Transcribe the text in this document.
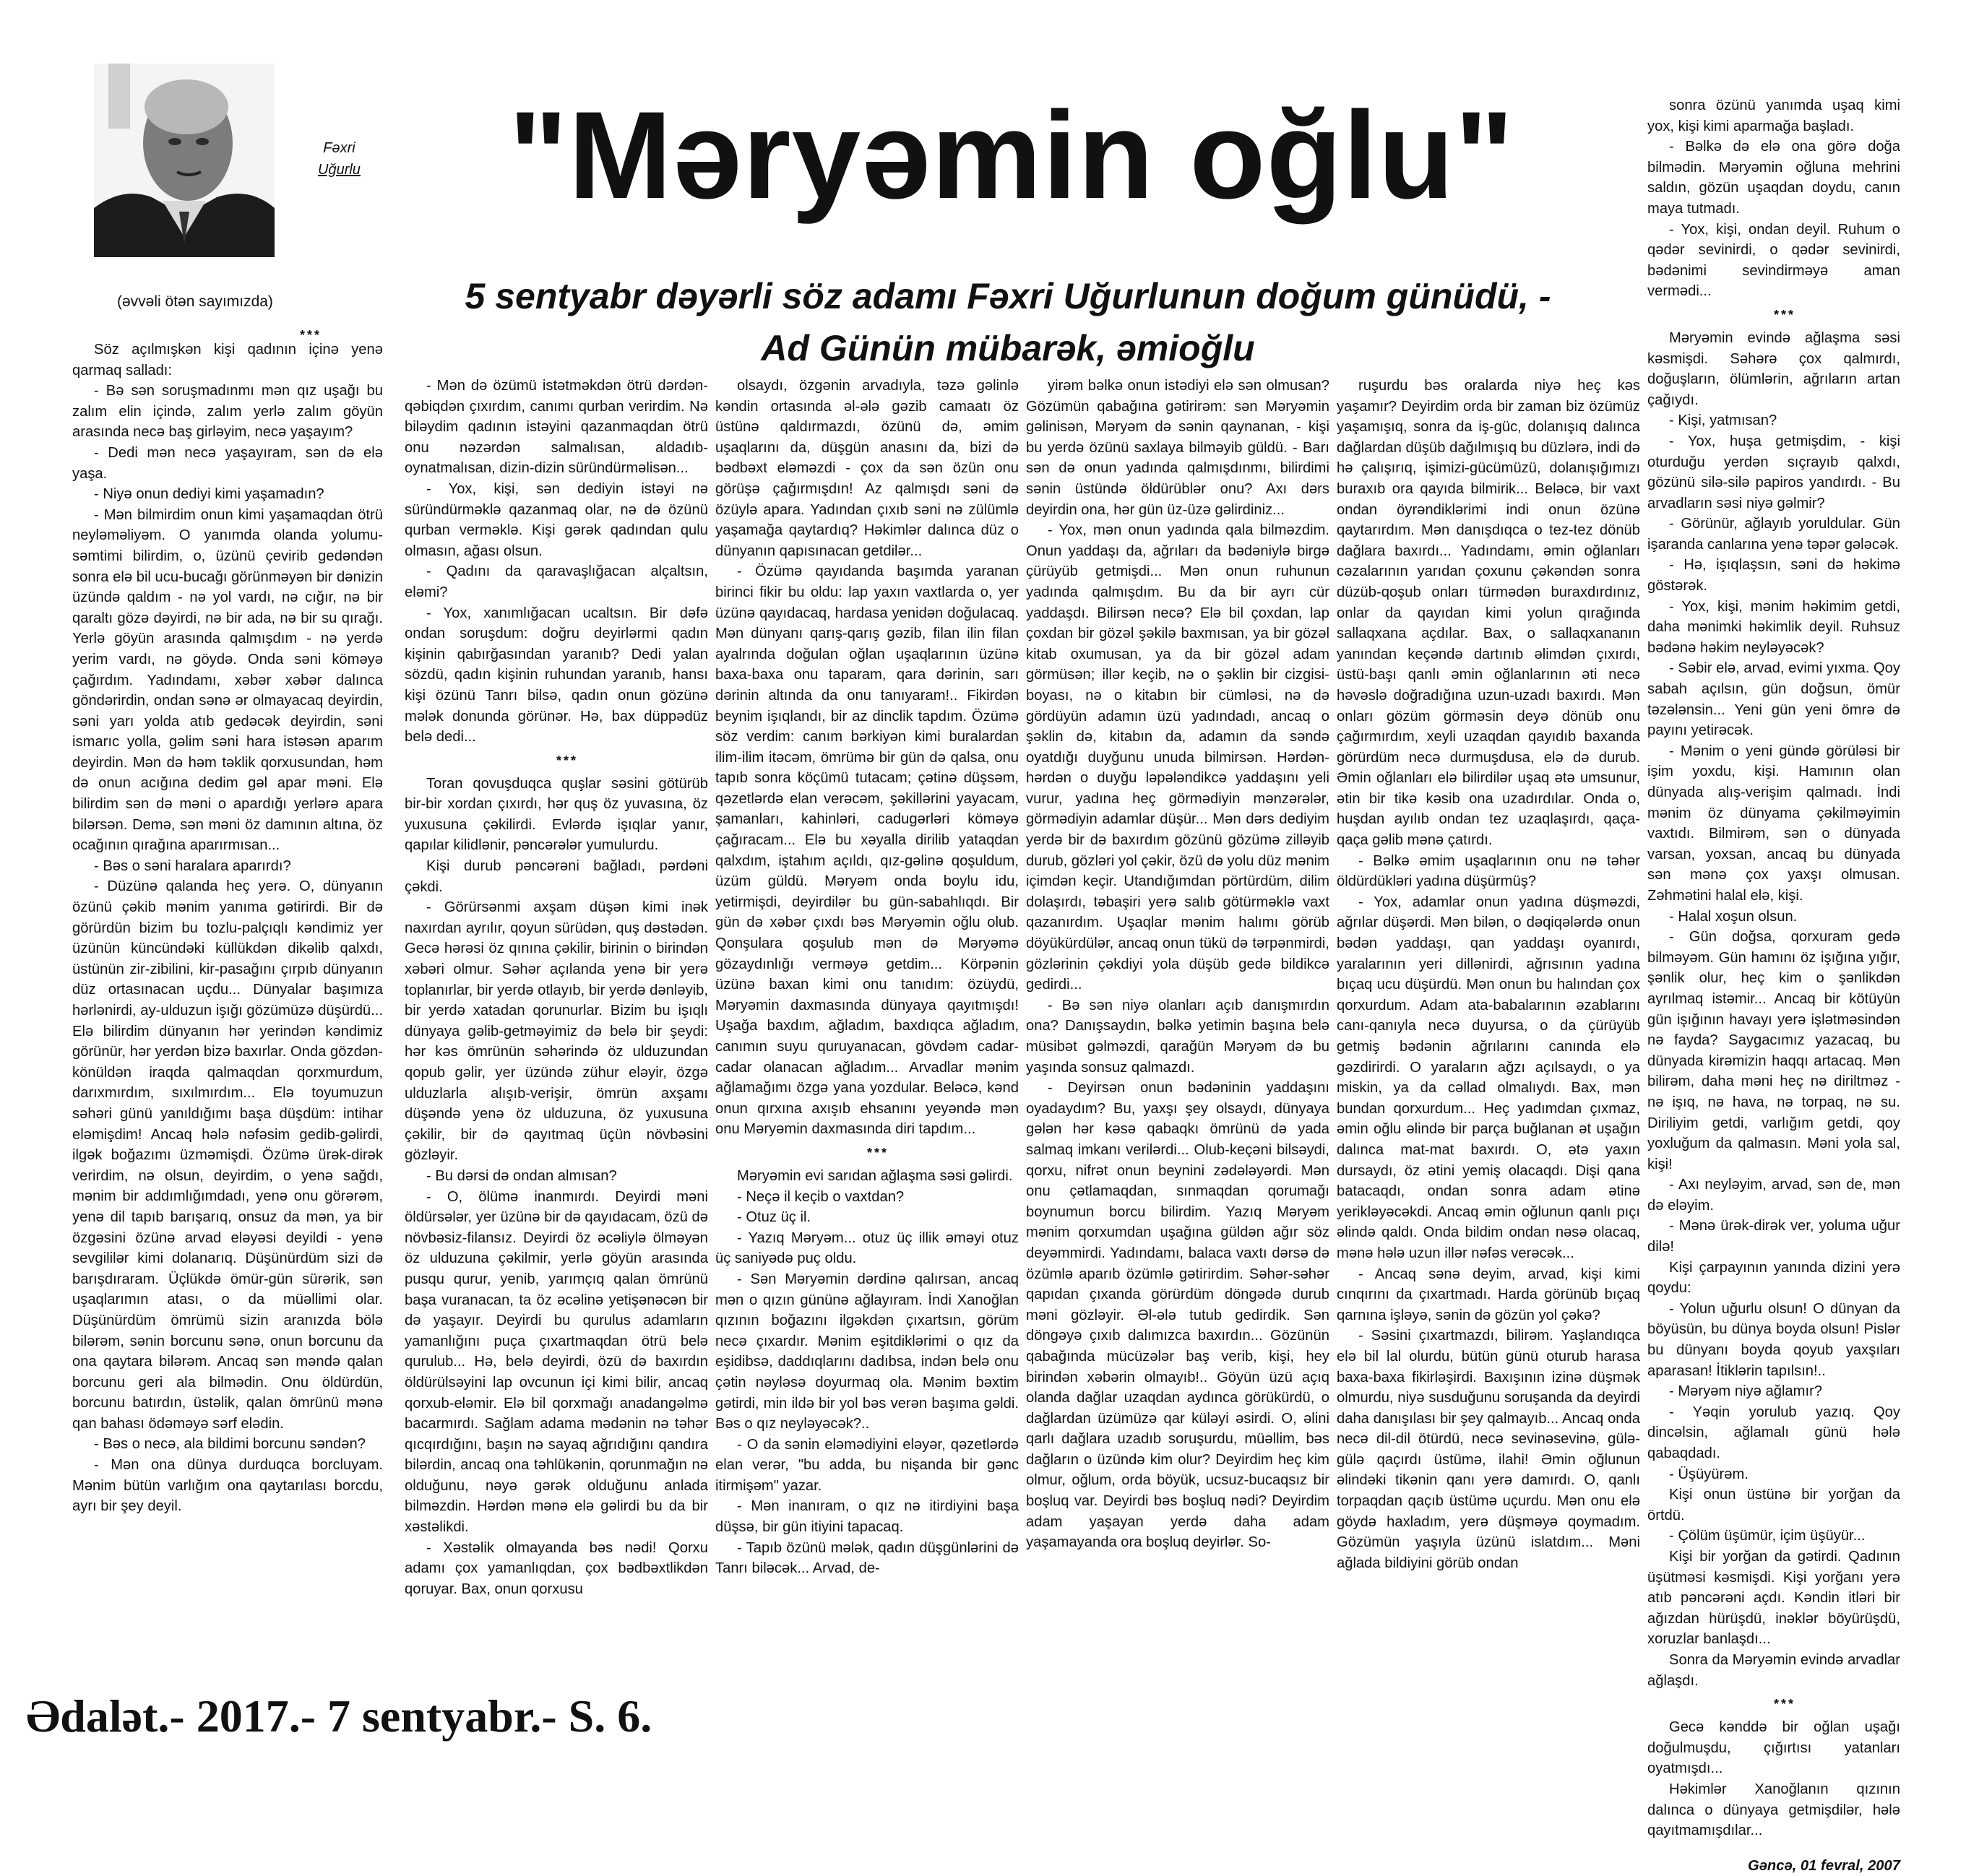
Fəxri
Uğurlu	"Məryəmin oğlu"
5 sentyabr dəyərli söz adamı Fəxri Uğurlunun doğum günüdü, -
Ad Günün mübarək, əmioğlu
(əvvəli ötən sayımızda)
***

Söz açılmışkən kişi qadının içinə yenə qarmaq salladı:

- Bə sən soruşmadınmı mən qız uşağı bu zalım elin içində, zalım yerlə zalım göyün arasında necə baş girləyim, necə yaşayım?

- Dedi mən necə yaşayıram, sən də elə yaşa.

- Niyə onun dediyi kimi yaşamadın?

- Mən bilmirdim onun kimi yaşamaqdan ötrü neyləməliyəm. O yanımda olanda yolumu-səmtimi bilirdim, o, üzünü çevirib gedəndən sonra elə bil ucu-bucağı görünməyən bir dənizin üzündə qaldım - nə yol vardı, nə cığır, nə bir qaraltı gözə dəyirdi, nə bir ada, nə bir su qırağı. Yerlə göyün arasında qalmışdım - nə yerdə yerim vardı, nə göydə. Onda səni köməyə çağırdım. Yadındamı, xəbər xəbər dalınca göndərirdin, ondan sənə ər olmayacaq deyirdin, səni yarı yolda atıb gedəcək deyirdin, səni ismarıc yolla, gəlim səni hara istəsən aparım deyirdin. Mən də həm təklik qorxusundan, həm də onun acığına dedim gəl apar məni. Elə bilirdim sən də məni o apardığı yerlərə apara bilərsən. Demə, sən məni öz damının altına, öz ocağının qırağına aparırmısan...

- Bəs o səni haralara aparırdı?

- Düzünə qalanda heç yerə. O, dünyanın özünü çəkib mənim yanıma gətirirdi. Bir də görürdün bizim bu tozlu-palçıqlı kəndimiz yer üzünün küncündəki küllükdən dikəlib qalxdı, üstünün zir-zibilini, kir-pasağını çırpıb dünyanın düz ortasınacan uçdu... Dünyalar başımıza hərlənirdi, ay-ulduzun işığı gözümüzə düşürdü... Elə bilirdim dünyanın hər yerindən kəndimiz görünür, hər yerdən bizə baxırlar. Onda gözdən-könüldən iraqda qalmaqdan qorxmurdum, darıxmırdım, sıxılmırdım... Elə toyumuzun səhəri günü yanıldığımı başa düşdüm: intihar eləmişdim! Ancaq hələ nəfəsim gedib-gəlirdi, ilgək boğazımı üzməmişdi. Özümə ürək-dirək verirdim, nə olsun, deyirdim, o yenə sağdı, mənim bir addımlığımdadı, yenə onu görərəm, yenə dil tapıb barışarıq, onsuz da mən, ya bir özgəsini özünə arvad eləyəsi deyildi - yenə sevgililər kimi dolanarıq. Düşünürdüm sizi də barışdıraram. Üçlükdə ömür-gün sürərik, sən uşaqlarımın atası, o da müəllimi olar. Düşünürdüm ömrümü sizin aranızda bölə bilərəm, sənin borcunu sənə, onun borcunu da ona qaytara bilərəm. Ancaq sən məndə qalan borcunu geri ala bilmədin. Onu öldürdün, borcunu batırdın, üstəlik, qalan ömrünü mənə qan bahası ödəməyə sərf elədin.

- Bəs o necə, ala bildimi borcunu səndən?

- Mən ona dünya durduqca borcluyam. Mənim bütün varlığım ona qaytarılası borcdu, ayrı bir şey deyil.

- Mən də özümü istətməkdən ötrü dərdən-qəbiqdən çıxırdım, canımı qurban verirdim. Nə biləydim qadının istəyini qazanmaqdan ötrü onu nəzərdən salmalısan, aldadıb-oynatmalısan, dizin-dizin süründürməlisən...

- Yox, kişi, sən dediyin istəyi nə süründürməklə qazanmaq olar, nə də özünü qurban verməklə. Kişi gərək qadından qulu olmasın, ağası olsun.

- Qadını da qaravaşlığacan alçaltsın, eləmi?

- Yox, xanımlığacan ucaltsın. Bir dəfə ondan soruşdum: doğru deyirlərmi qadın kişinin qabırğasından yaranıb? Dedi yalan sözdü, qadın kişinin ruhundan yaranıb, hansı kişi özünü Tanrı bilsə, qadın onun gözünə mələk donunda görünər. Hə, bax düppədüz belə dedi...

***

Toran qovuşduqca quşlar səsini götürüb bir-bir xordan çıxırdı, hər quş öz yuvasına, öz yuxusuna çəkilirdi. Evlərdə işıqlar yanır, qapılar kilidlənir, pəncərələr yumulurdu.

Kişi durub pəncərəni bağladı, pərdəni çəkdi.

- Görürsənmi axşam düşən kimi inək naxırdan ayrılır, qoyun sürüdən, quş dəstədən. Gecə hərəsi öz qınına çəkilir, birinin o birindən xəbəri olmur. Səhər açılanda yenə bir yerə toplanırlar, bir yerdə otlayıb, bir yerdə dənləyib, bir yerdə xatadan qorunurlar. Bizim bu işıqlı dünyaya gəlib-getməyimiz də belə bir şeydi: hər kəs ömrünün səhərində öz ulduzundan qopub gəlir, yer üzündə zühur eləyir, özgə ulduzlarla alışıb-verişir, ömrün axşamı düşəndə yenə öz ulduzuna, öz yuxusuna çəkilir, bir də qayıtmaq üçün növbəsini gözləyir.

- Bu dərsi də ondan almısan?

- O, ölümə inanmırdı. Deyirdi məni öldürsələr, yer üzünə bir də qayıdacam, özü də növbəsiz-filansız. Deyirdi öz əcəliylə ölməyən öz ulduzuna çəkilmir, yerlə göyün arasında pusqu qurur, yenib, yarımçıq qalan ömrünü başa vuranacan, ta öz əcəlinə yetişənəcən bir də yaşayır. Deyirdi bu qurulus adamların yamanlığını puça çıxartmaqdan ötrü belə qurulub... Hə, belə deyirdi, özü də baxırdın öldürülsəyini lap ovcunun içi kimi bilir, ancaq qorxub-eləmir. Elə bil qorxmağı anadangəlmə bacarmırdı. Sağlam adama mədənin nə təhər qıcqırdığını, başın nə sayaq ağrıdığını qandıra bilərdin, ancaq ona təhlükənin, qorunmağın nə olduğunu, nəyə gərək olduğunu anlada bilməzdin. Hərdən mənə elə gəlirdi bu da bir xəstəlikdi.

- Xəstəlik olmayanda bəs nədi! Qorxu adamı çox yamanlıqdan, çox bədbəxtlikdən qoruyar. Bax, onun qorxusu

olsaydı, özgənin arvadıyla, təzə gəlinlə kəndin ortasında əl-ələ gəzib camaatı öz üstünə qaldırmazdı, özünü də, əmim uşaqlarını da, düşgün anasını da, bizi də bədbəxt eləməzdi - çox da sən özün onu görüşə çağırmışdın! Az qalmışdı səni də özüylə apara. Yadından çıxıb səni nə zülümlə yaşamağa qaytardıq? Həkimlər dalınca düz o dünyanın qapısınacan getdilər...

- Özümə qayıdanda başımda yaranan birinci fikir bu oldu: lap yaxın vaxtlarda o, yer üzünə qayıdacaq, hardasa yenidən doğulacaq. Mən dünyanı qarış-qarış gəzib, filan ilin filan ayalrında doğulan oğlan uşaqlarının üzünə baxa-baxa onu taparam, qara dərinin, sarı dərinin altında da onu tanıyaram!.. Fikirdən beynim işıqlandı, bir az dinclik tapdım. Özümə söz verdim: canım bərkiyən kimi buralardan ilim-ilim itəcəm, ömrümə bir gün də qalsa, onu tapıb sonra köçümü tutacam; çətinə düşsəm, qəzetlərdə elan verəcəm, şəkillərini yayacam, şamanları, kahinləri, cadugərləri köməyə çağıracam... Elə bu xəyalla dirilib yataqdan qalxdım, iştahım açıldı, qız-gəlinə qoşuldum, üzüm güldü. Məryəm onda boylu idu, yetirmişdi, deyirdilər bu gün-sabahlıqdı. Bir gün də xəbər çıxdı bəs Məryəmin oğlu olub. Qonşulara qoşulub mən də Məryəmə gözaydınlığı verməyə getdim... Körpənin üzünə baxan kimi onu tanıdım: özüydü, Məryəmin daxmasında dünyaya qayıtmışdı! Uşağa baxdım, ağladım, baxdıqca ağladım, canımın suyu quruyanacan, gövdəm cadar-cadar olanacan ağladım... Arvadlar mənim ağlamağımı özgə yana yozdular. Beləcə, kənd onun qırxına axışıb ehsanını yeyəndə mən onu Məryəmin daxmasında diri tapdım...

***

Məryəmin evi sarıdan ağlaşma səsi gəlirdi.

- Neçə il keçib o vaxtdan?

- Otuz üç il.

- Yazıq Məryəm... otuz üç illik əməyi otuz üç saniyədə puç oldu.

- Sən Məryəmin dərdinə qalırsan, ancaq mən o qızın gününə ağlayıram. İndi Xanoğlan qızının boğazını ilgəkdən çıxartsın, görüm necə çıxardır. Mənim eşitdiklərimi o qız da eşidibsə, daddıqlarını dadıbsa, indən belə onu çətin nəyləsə doyurmaq ola. Mənim bəxtim gətirdi, min ildə bir yol bəs verən başıma gəldi. Bəs o qız neyləyəcək?..

- O da sənin eləmədiyini eləyər, qəzetlərdə elan verər, "bu adda, bu nişanda bir gənc itirmişəm" yazar.

- Mən inanıram, o qız nə itirdiyini başa düşsə, bir gün itiyini tapacaq.

- Tapıb özünü mələk, qadın düşgünlərini də Tanrı biləcək... Arvad, de-

yirəm bəlkə onun istədiyi elə sən olmusan? Gözümün qabağına gətirirəm: sən Məryəmin gəlinisən, Məryəm də sənin qaynanan, - kişi bu yerdə özünü saxlaya bilməyib güldü. - Barı sən də onun yadında qalmışdınmı, bilirdimi sənin üstündə öldürüblər onu? Axı dərs deyirdin ona, hər gün üz-üzə gəlirdiniz...

- Yox, mən onun yadında qala bilməzdim. Onun yaddaşı da, ağrıları da bədəniylə birgə çürüyüb getmişdi... Mən onun ruhunun yadında qalmışdım. Bu da bir ayrı cür yaddaşdı. Bilirsən necə? Elə bil çoxdan, lap çoxdan bir gözəl şəkilə baxmısan, ya bir gözəl kitab oxumusan, ya da bir gözəl adam görmüsən; illər keçib, nə o şəklin bir cizgisi-boyası, nə o kitabın bir cümləsi, nə də gördüyün adamın üzü yadındadı, ancaq o şəklin də, kitabın da, adamın da səndə oyatdığı duyğunu unuda bilmirsən. Hərdən-hərdən o duyğu ləpələndikcə yaddaşını yeli vurur, yadına heç görmədiyin mənzərələr, görmədiyin adamlar düşür... Mən dərs dediyim yerdə bir də baxırdım gözünü gözümə zilləyib durub, gözləri yol çəkir, özü də yolu düz mənim içimdən keçir. Utandığımdan pörtürdüm, dilim dolaşırdı, təbaşiri yerə salıb götürməklə vaxt qazanırdım. Uşaqlar mənim halımı görüb döyükürdülər, ancaq onun tükü də tərpənmirdi, gözlərinin çəkdiyi yola düşüb gedə bildikcə gedirdi...

- Bə sən niyə olanları açıb danışmırdın ona? Danışsaydın, bəlkə yetimin başına belə müsibət gəlməzdi, qarağün Məryəm də bu yaşında sonsuz qalmazdı.

- Deyirsən onun bədəninin yaddaşını oyadaydım? Bu, yaxşı şey olsaydı, dünyaya gələn hər kəsə qabaqkı ömrünü də yada salmaq imkanı verilərdi... Olub-keçəni bilsəydi, qorxu, nifrət onun beynini zədələyərdi. Mən onu çətlamaqdan, sınmaqdan qorumağı boynumun borcu bilirdim. Yazıq Məryəm mənim qorxumdan uşağına güldən ağır söz deyəmmirdi. Yadındamı, balaca vaxtı dərsə də özümlə aparıb özümlə gətirirdim. Səhər-səhər qapıdan çıxanda görürdüm döngədə durub məni gözləyir. Əl-ələ tutub gedirdik. Sən döngəyə çıxıb dalımızca baxırdın... Gözünün qabağında mücüzələr baş verib, kişi, hey birindən xəbərin olmayıb!.. Göyün üzü açıq olanda dağlar uzaqdan aydınca görükürdü, o dağlardan üzümüzə qar küləyi əsirdi. O, əlini qarlı dağlara uzadıb soruşurdu, müəllim, bəs dağların o üzündə kim olur? Deyirdim heç kim olmur, oğlum, orda böyük, ucsuz-bucaqsız bir boşluq var. Deyirdi bəs boşluq nədi? Deyirdim adam yaşayan yerdə daha adam yaşamayanda ora boşluq deyirlər. So-

ruşurdu bəs oralarda niyə heç kəs yaşamır? Deyirdim orda bir zaman biz özümüz yaşamışıq, sonra da iş-güc, dolanışıq dalınca dağlardan düşüb dağılmışıq bu düzlərə, indi də hə çalışırıq, işimizi-gücümüzü, dolanışığımızı buraxıb ora qayıda bilmirik... Beləcə, bir vaxt ondan öyrəndiklərimi indi onun özünə qaytarırdım. Mən danışdıqca o tez-tez dönüb dağlara baxırdı... Yadındamı, əmin oğlanları cəzalarının yarıdan çoxunu çəkəndən sonra düzüb-qoşub onları türmədən buraxdırdınız, onlar da qayıdan kimi yolun qırağında sallaqxana açdılar. Bax, o sallaqxananın yanından keçəndə dartınıb əlimdən çıxırdı, üstü-başı qanlı əmin oğlanlarının əti necə həvəslə doğradığına uzun-uzadı baxırdı. Mən onları gözüm görməsin deyə dönüb onu çağırmırdım, xeyli uzaqdan qayıdıb baxanda görürdüm necə durmuşdusa, elə də durub. Əmin oğlanları elə bilirdilər uşaq ətə umsunur, ətin bir tikə kəsib ona uzadırdılar. Onda o, huşdan ayılıb ondan tez uzaqlaşırdı, qaça-qaça gəlib mənə çatırdı.

- Bəlkə əmim uşaqlarının onu nə təhər öldürdükləri yadına düşürmüş?

- Yox, adamlar onun yadına düşməzdi, ağrılar düşərdi. Mən bilən, o dəqiqələrdə onun bədən yaddaşı, qan yaddaşı oyanırdı, yaralarının yeri dillənirdi, ağrısının yadına bıçaq ucu düşürdü. Mən onun bu halından çox qorxurdum. Adam ata-babalarının əzablarını canı-qanıyla necə duyursa, o da çürüyüb getmiş bədənin ağrılarını canında elə gəzdirirdi. O yaraların ağzı açılsaydı, o ya miskin, ya da cəllad olmalıydı. Bax, mən bundan qorxurdum... Heç yadımdan çıxmaz, əmin oğlu əlində bir parça buğlanan ət uşağın dalınca mat-mat baxırdı. O, ətə yaxın dursaydı, öz ətini yemiş olacaqdı. Dişi qana batacaqdı, ondan sonra adam ətinə yerikləyəcəkdi. Ancaq əmin oğlunun qanlı pıçı əlində qaldı. Onda bildim ondan nəsə olacaq, mənə hələ uzun illər nəfəs verəcək...

- Ancaq sənə deyim, arvad, kişi kimi cınqırını da çıxartmadı. Harda görünüb bıçaq qarnına işləyə, sənin də gözün yol çəkə?

- Səsini çıxartmazdı, bilirəm. Yaşlandıqca elə bil lal olurdu, bütün günü oturub harasa baxa-baxa fikirləşirdi. Baxışının izinə düşmək olmurdu, niyə susduğunu soruşanda da deyirdi daha danışılası bir şey qalmayıb... Ancaq onda necə dil-dil ötürdü, necə sevinəsevinə, gülə-gülə qaçırdı üstümə, ilahi! Əmin oğlunun əlindəki tikənin qanı yerə damırdı. O, qanlı torpaqdan qaçıb üstümə uçurdu. Mən onu elə göydə haxladım, yerə düşməyə qoymadım. Gözümün yaşıyla üzünü islatdım... Məni ağlada bildiyini görüb ondan

sonra özünü yanımda uşaq kimi yox, kişi kimi aparmağa başladı.

- Bəlkə də elə ona görə doğa bilmədin. Məryəmin oğluna mehrini saldın, gözün uşaqdan doydu, canın maya tutmadı.

- Yox, kişi, ondan deyil. Ruhum o qədər sevinirdi, o qədər sevinirdi, bədənimi sevindirməyə aman vermədi...

***

Məryəmin evində ağlaşma səsi kəsmişdi. Səhərə çox qalmırdı, doğuşların, ölümlərin, ağrıların artan çağıydı.

- Kişi, yatmısan?

- Yox, huşa getmişdim, - kişi oturduğu yerdən sıçrayıb qalxdı, gözünü silə-silə papiros yandırdı. - Bu arvadların səsi niyə gəlmir?

- Görünür, ağlayıb yoruldular. Gün işaranda canlarına yenə təpər gələcək.

- Hə, işıqlaşsın, səni də həkimə göstərək.

- Yox, kişi, mənim həkimim getdi, daha mənimki həkimlik deyil. Ruhsuz bədənə həkim neyləyəcək?

- Səbir elə, arvad, evimi yıxma. Qoy sabah açılsın, gün doğsun, ömür təzələnsin... Yeni gün yeni ömrə də payını yetirəcək.

- Mənim o yeni gündə görüləsi bir işim yoxdu, kişi. Hamının olan dünyada alış-verişim qalmadı. İndi mənim öz dünyama çəkilməyimin vaxtıdı. Bilmirəm, sən o dünyada varsan, yoxsan, ancaq bu dünyada sən mənə çox yaxşı olmusan. Zəhmətini halal elə, kişi.

- Halal xoşun olsun.

- Gün doğsa, qorxuram gedə bilməyəm. Gün hamını öz işığına yığır, şənlik olur, heç kim o şənlikdən ayrılmaq istəmir... Ancaq bir kötüyün gün işığının havayı yerə işlətməsindən nə fayda? Saygacımız yazacaq, bu dünyada kirəmizin haqqı artacaq. Mən bilirəm, daha məni heç nə diriltməz - nə işıq, nə hava, nə torpaq, nə su. Diriliyim getdi, varlığım getdi, qoy yoxluğum da qalmasın. Məni yola sal, kişi!

- Axı neyləyim, arvad, sən de, mən də eləyim.

- Mənə ürək-dirək ver, yoluma uğur dilə!

Kişi çarpayının yanında dizini yerə qoydu:

- Yolun uğurlu olsun! O dünyan da böyüsün, bu dünya boyda olsun! Pislər bu dünyanı boyda qoyub yaxşıları aparasan! İtiklərin tapılsın!..

- Məryəm niyə ağlamır?

- Yəqin yorulub yazıq. Qoy dincəlsin, ağlamalı günü hələ qabaqdadı.

- Üşüyürəm.

Kişi onun üstünə bir yorğan da örtdü.

- Çölüm üşümür, içim üşüyür...

Kişi bir yorğan da gətirdi. Qadının üşütməsi kəsmişdi. Kişi yorğanı yerə atıb pəncərəni açdı. Kəndin itləri bir ağızdan hürüşdü, inəklər böyürüşdü, xoruzlar banlaşdı...

Sonra da Məryəmin evində arvadlar ağlaşdı.

***

Gecə kənddə bir oğlan uşağı doğulmuşdu, çığırtısı yatanları oyatmışdı...

Həkimlər Xanoğlanın qızının dalınca o dünyaya getmişdilər, hələ qayıtmamışdılar...

Gəncə, 01 fevral, 2007

Ədalət.- 2017.- 7 sentyabr.- S. 6.
